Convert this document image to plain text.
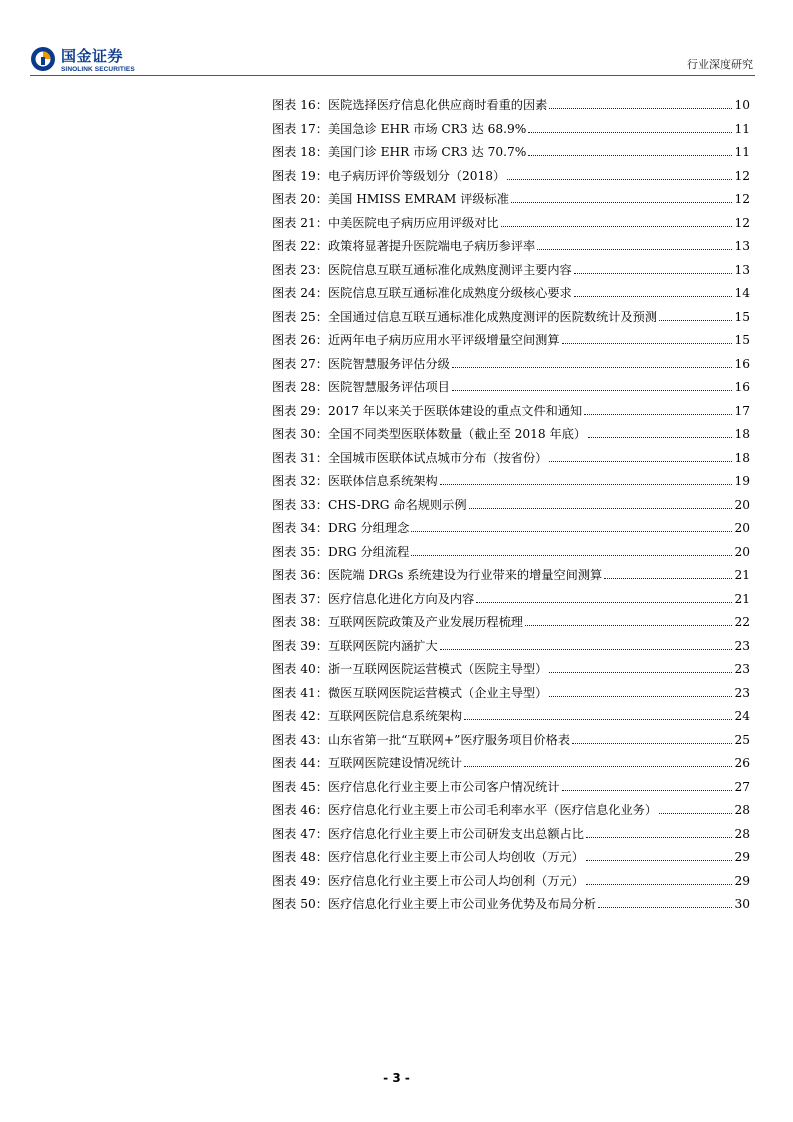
国金证券
SINOLINK SECURITIES	行业深度研究
图表 16： 医院选择医疗信息化供应商时看重的因素	10
图表 17： 美国急诊 EHR 市场 CR3 达 68.9%	11
图表 18： 美国门诊 EHR 市场 CR3 达 70.7%	11
图表 19： 电子病历评价等级划分（2018）	12
图表 20： 美国 HMISS EMRAM 评级标准	12
图表 21： 中美医院电子病历应用评级对比	12
图表 22： 政策将显著提升医院端电子病历参评率	13
图表 23： 医院信息互联互通标准化成熟度测评主要内容	13
图表 24： 医院信息互联互通标准化成熟度分级核心要求	14
图表 25： 全国通过信息互联互通标准化成熟度测评的医院数统计及预测	15
图表 26： 近两年电子病历应用水平评级增量空间测算	15
图表 27： 医院智慧服务评估分级	16
图表 28： 医院智慧服务评估项目	16
图表 29： 2017 年以来关于医联体建设的重点文件和通知	17
图表 30： 全国不同类型医联体数量（截止至 2018 年底）	18
图表 31： 全国城市医联体试点城市分布（按省份）	18
图表 32： 医联体信息系统架构	19
图表 33： CHS-DRG 命名规则示例	20
图表 34： DRG 分组理念	20
图表 35： DRG 分组流程	20
图表 36： 医院端 DRGs 系统建设为行业带来的增量空间测算	21
图表 37： 医疗信息化进化方向及内容	21
图表 38： 互联网医院政策及产业发展历程梳理	22
图表 39： 互联网医院内涵扩大	23
图表 40： 浙一互联网医院运营模式（医院主导型）	23
图表 41： 微医互联网医院运营模式（企业主导型）	23
图表 42： 互联网医院信息系统架构	24
图表 43： 山东省第一批“互联网+”医疗服务项目价格表	25
图表 44： 互联网医院建设情况统计	26
图表 45： 医疗信息化行业主要上市公司客户情况统计	27
图表 46： 医疗信息化行业主要上市公司毛利率水平（医疗信息化业务）	28
图表 47： 医疗信息化行业主要上市公司研发支出总额占比	28
图表 48： 医疗信息化行业主要上市公司人均创收（万元）	29
图表 49： 医疗信息化行业主要上市公司人均创利（万元）	29
图表 50： 医疗信息化行业主要上市公司业务优势及布局分析	30
- 3 -
